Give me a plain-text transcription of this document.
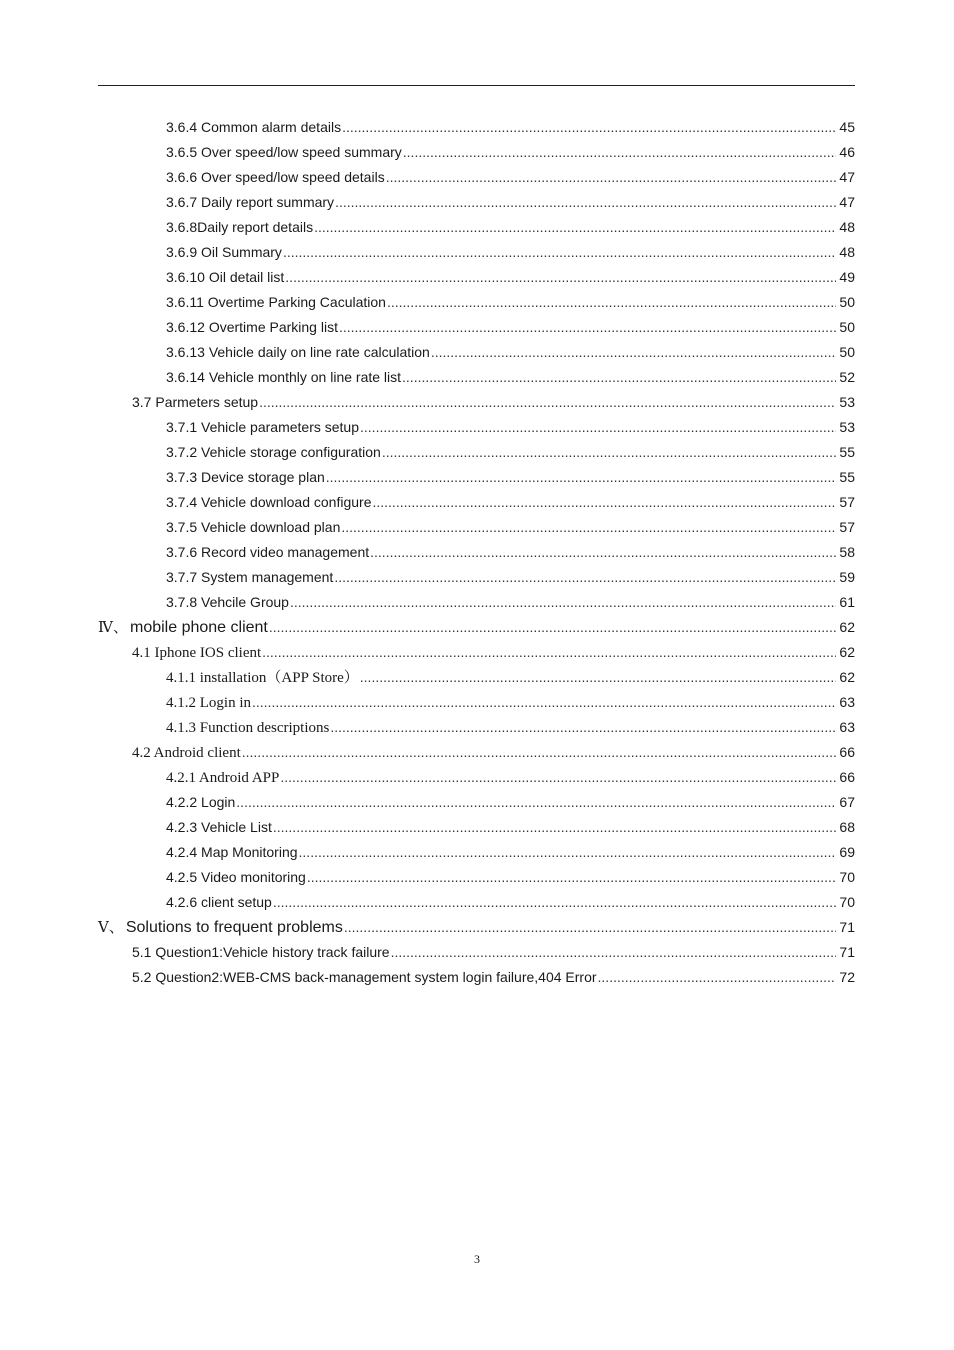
3.6.4 Common alarm details .....	45
3.6.5 Over speed/low speed summary .....	46
3.6.6 Over speed/low speed details .....	47
3.6.7 Daily report summary .....	47
3.6.8Daily report details .....	48
3.6.9 Oil Summary .....	48
3.6.10 Oil detail list .....	49
3.6.11 Overtime Parking Caculation .....	50
3.6.12 Overtime Parking list .....	50
3.6.13 Vehicle daily on line rate calculation .....	50
3.6.14 Vehicle monthly on line rate list .....	52
3.7 Parmeters setup .....	53
3.7.1 Vehicle parameters setup .....	53
3.7.2 Vehicle storage configuration .....	55
3.7.3 Device storage plan .....	55
3.7.4 Vehicle download configure .....	57
3.7.5 Vehicle download plan .....	57
3.7.6 Record video management .....	58
3.7.7 System management .....	59
3.7.8 Vehcile Group .....	61
Ⅳ、 mobile phone client .....	62
4.1 Iphone IOS client .....	62
4.1.1 installation（APP Store） .....	62
4.1.2 Login in .....	63
4.1.3 Function descriptions .....	63
4.2 Android client .....	66
4.2.1 Android APP .....	66
4.2.2 Login .....	67
4.2.3 Vehicle List .....	68
4.2.4 Map Monitoring .....	69
4.2.5 Video monitoring .....	70
4.2.6 client setup .....	70
Ⅴ、 Solutions to frequent problems .....	71
5.1 Question1:Vehicle history track failure .....	71
5.2 Question2:WEB-CMS back-management system login failure,404 Error .....	72
3
